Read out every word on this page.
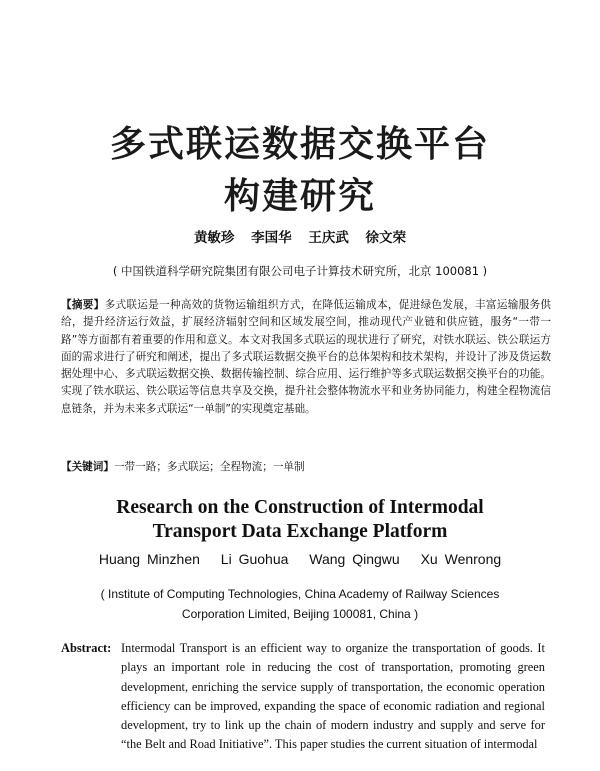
多式联运数据交换平台
构建研究
黄敏珍 李国华 王庆武 徐文荣
( 中国铁道科学研究院集团有限公司电子计算技术研究所，北京 100081 )
【摘要】多式联运是一种高效的货物运输组织方式，在降低运输成本，促进绿色发展，丰富运输服务供给，提升经济运行效益，扩展经济辐射空间和区域发展空间，推动现代产业链和供应链，服务“一带一路”等方面都有着重要的作用和意义。本文对我国多式联运的现状进行了研究，对铁水联运、铁公联运方面的需求进行了研究和阐述，提出了多式联运数据交换平台的总体架构和技术架构，并设计了涉及货运数据处理中心、多式联运数据交换、数据传输控制、综合应用、运行维护等多式联运数据交换平台的功能。实现了铁水联运、铁公联运等信息共享及交换，提升社会整体物流水平和业务协同能力，构建全程物流信息链条，并为未来多式联运“一单制”的实现奠定基础。
【关键词】一带一路；多式联运；全程物流；一单制
Research on the Construction of Intermodal
Transport Data Exchange Platform
Huang Minzhen Li Guohua Wang Qingwu Xu Wenrong
( Institute of Computing Technologies, China Academy of Railway Sciences
Corporation Limited, Beijing 100081, China )
Abstract: Intermodal Transport is an efficient way to organize the transportation of goods. It plays an important role in reducing the cost of transportation, promoting green development, enriching the service supply of transportation, the economic operation efficiency can be improved, expanding the space of economic radiation and regional development, try to link up the chain of modern industry and supply and serve for “the Belt and Road Initiative”. This paper studies the current situation of intermodal
